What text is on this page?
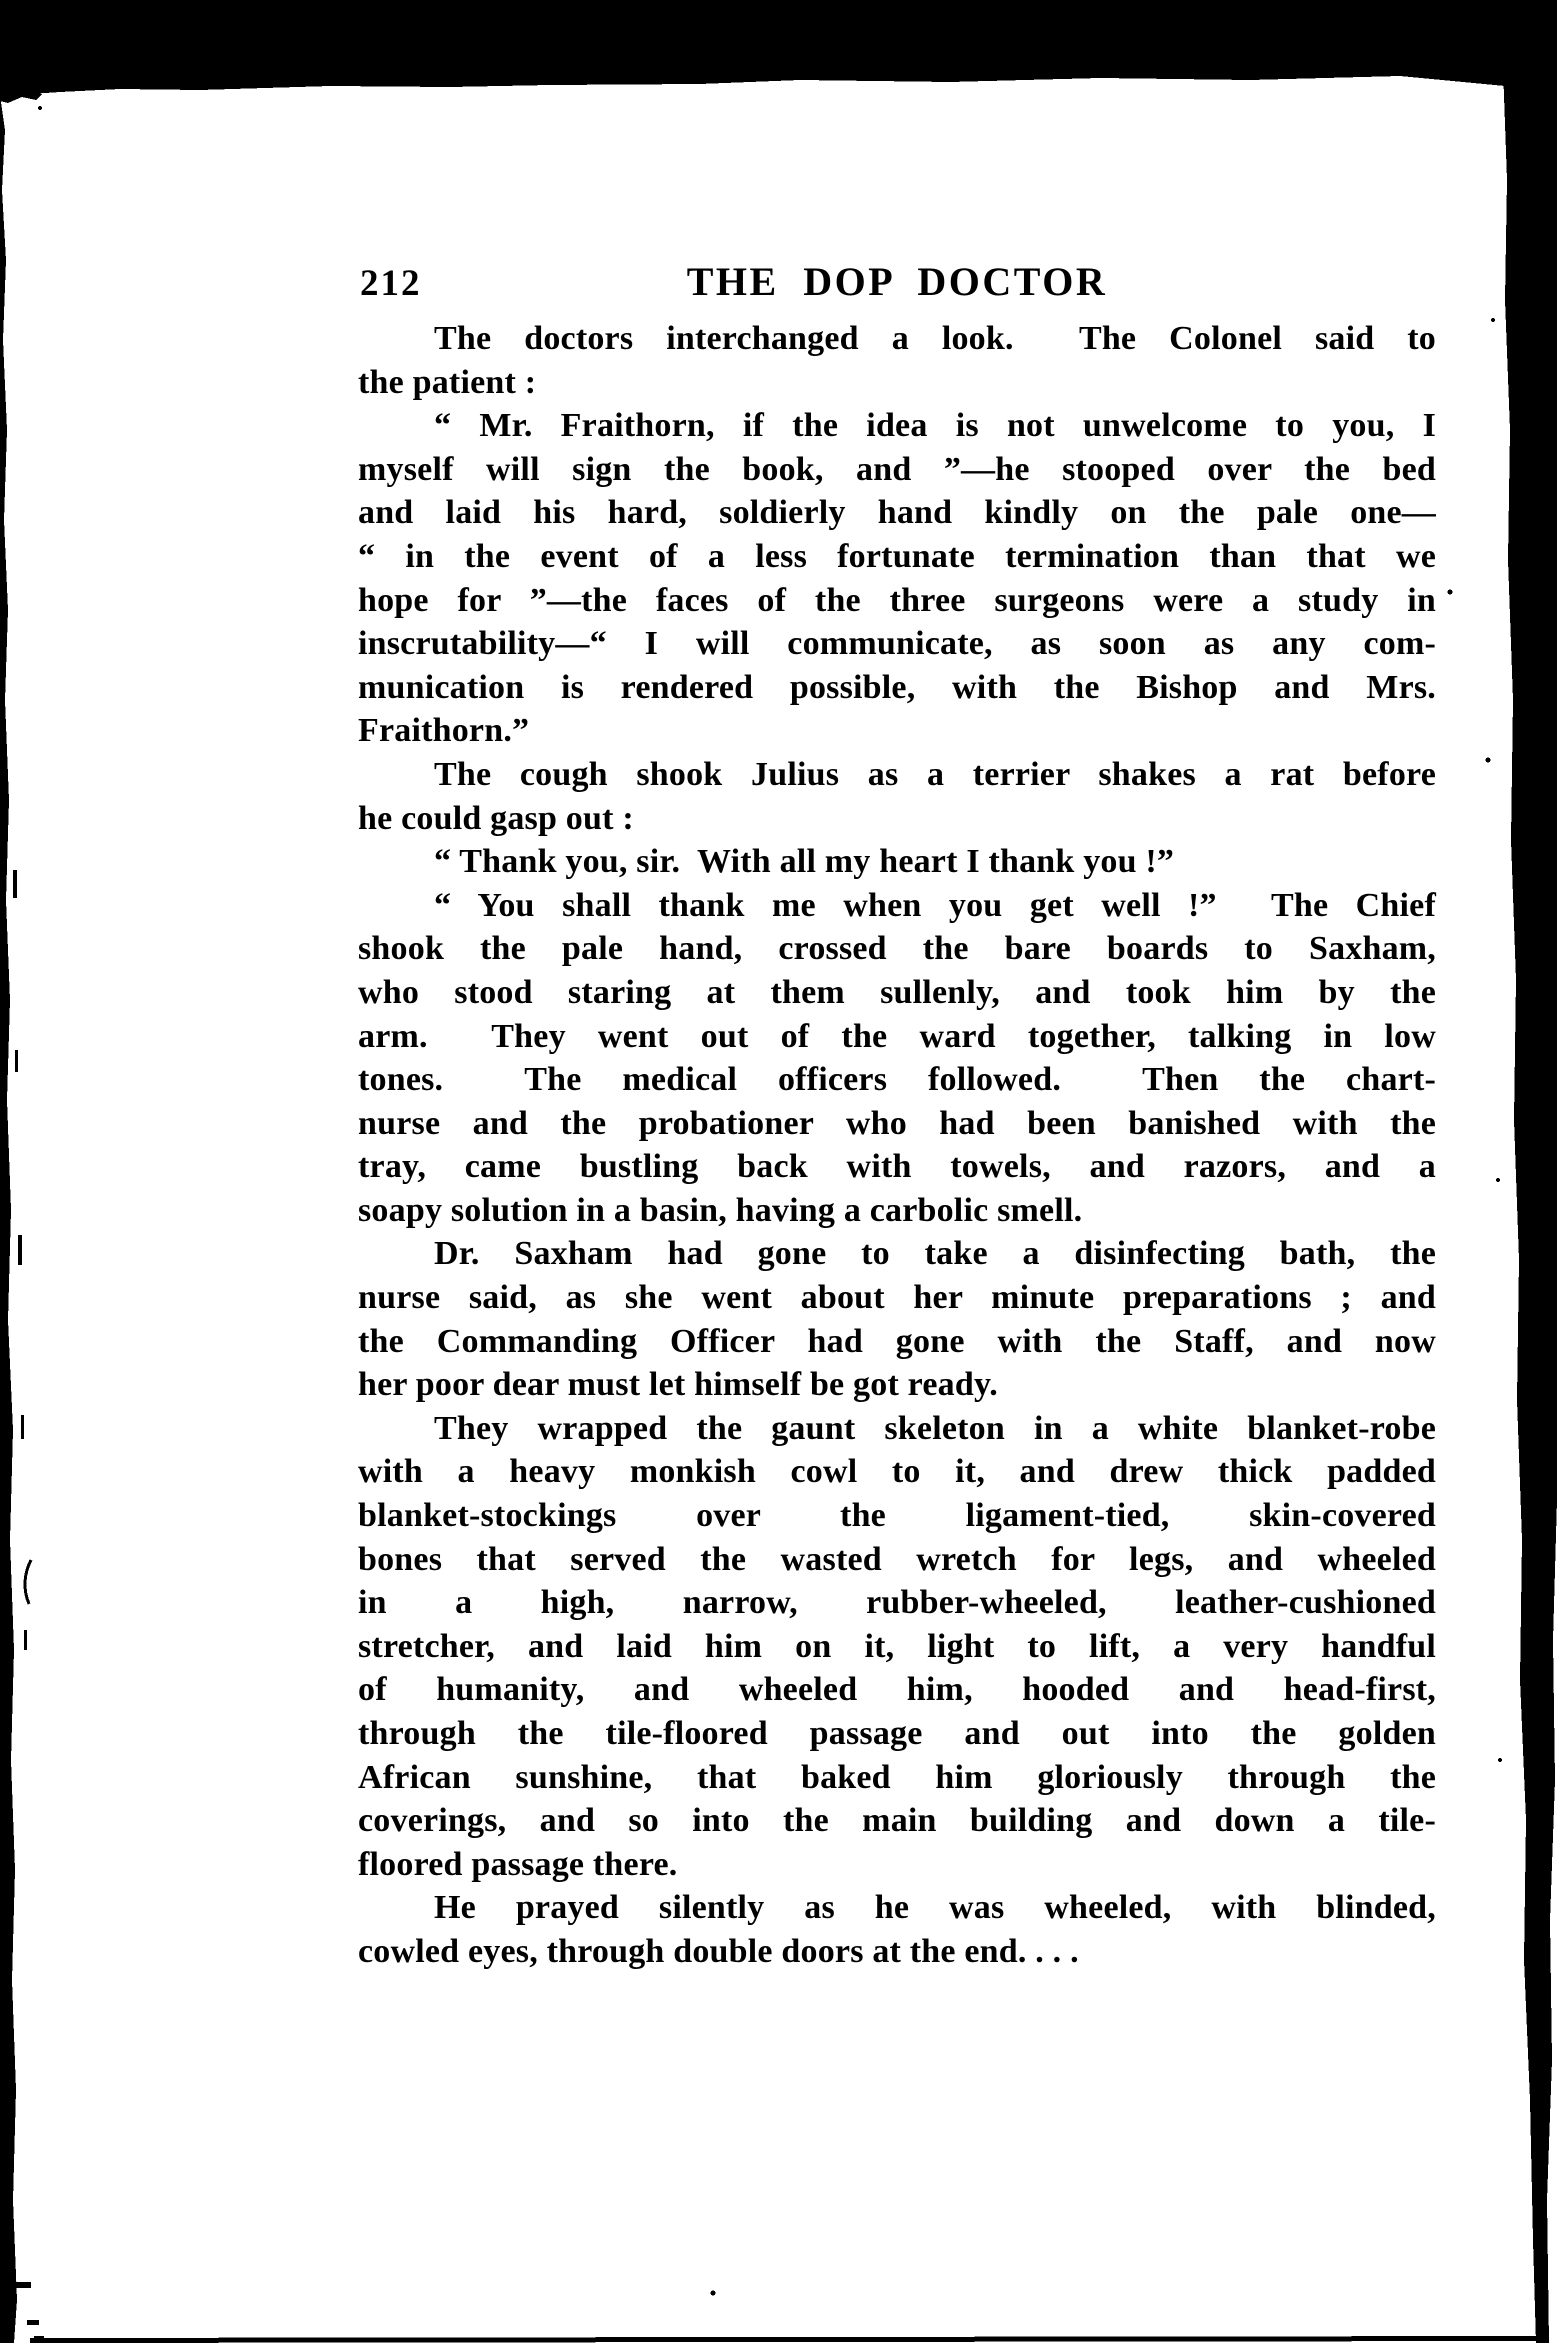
212	THE DOP DOCTOR
The doctors interchanged a look.  The Colonel said to
the patient :
“ Mr. Fraithorn, if the idea is not unwelcome to you, I
myself will sign the book, and ”—he stooped over the bed
and laid his hard, soldierly hand kindly on the pale one—
“ in the event of a less fortunate termination than that we
hope for ”—the faces of the three surgeons were a study in
inscrutability—“ I will communicate, as soon as any com-
munication is rendered possible, with the Bishop and Mrs.
Fraithorn.”
The cough shook Julius as a terrier shakes a rat before
he could gasp out :
“ Thank you, sir.  With all my heart I thank you !”
“ You shall thank me when you get well !”  The Chief
shook the pale hand, crossed the bare boards to Saxham,
who stood staring at them sullenly, and took him by the
arm.  They went out of the ward together, talking in low
tones.  The medical officers followed.  Then the chart-
nurse and the probationer who had been banished with the
tray, came bustling back with towels, and razors, and a
soapy solution in a basin, having a carbolic smell.
Dr. Saxham had gone to take a disinfecting bath, the
nurse said, as she went about her minute preparations ; and
the Commanding Officer had gone with the Staff, and now
her poor dear must let himself be got ready.
They wrapped the gaunt skeleton in a white blanket-robe
with a heavy monkish cowl to it, and drew thick padded
blanket-stockings over the ligament-tied, skin-covered
bones that served the wasted wretch for legs, and wheeled
in a high, narrow, rubber-wheeled, leather-cushioned
stretcher, and laid him on it, light to lift, a very handful
of humanity, and wheeled him, hooded and head-first,
through the tile-floored passage and out into the golden
African sunshine, that baked him gloriously through the
coverings, and so into the main building and down a tile-
floored passage there.
He prayed silently as he was wheeled, with blinded,
cowled eyes, through double doors at the end. . . .
